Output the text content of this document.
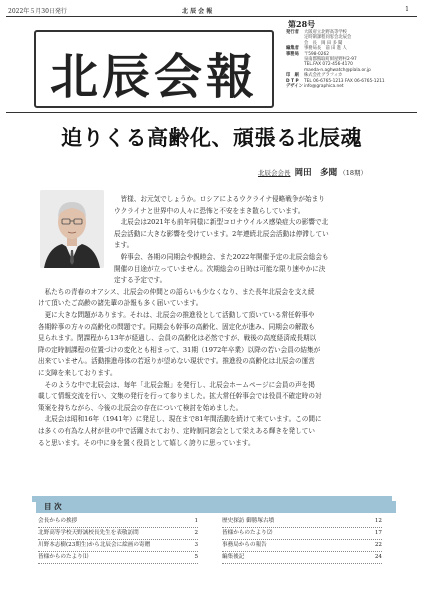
2022年５月30日発行	北 辰 会 報	1
北辰会報
第28号
発行者 大阪府立北野高等学校
定時制課程同窓会北辰会
会　長　岡 田 多 聞
編集者 事務局長　前 田 進 人
事務局 〒598-0262
泉南郡熊取町紺屋野村2-97
TEL.FAX 072-456-4170
maeda-n.aghwatch@plala.or.jp
印　刷 株式会社グラフィカ
D T P TEL 06-6765-1213 FAX 06-6765-1211
デザインinfo@graphica.net
迫りくる高齢化、頑張る北辰魂
北辰会会長 岡田　多聞 （18期）
皆様、お元気でしょうか。ロシアによるウクライナ侵略戦争が始まり
ウクライナと世界中の人々に恐怖と不安をまき散らしています。
北辰会は2021年も前年同様に新型コロナウイルス感染症大の影響で北
辰会活動に大きな影響を受けています。2年連続北辰会活動は停滞してい
ます。
幹事会、各期の同期会や親睦会、また2022年開催予定の北辰会総会も
開催の目途が立っていません。次期総会の日時は可能な限り速やかに決
定する予定です。
私たちの青春のオアシス、北辰会の仲間との語らいも少なくなり、また長年北辰会を支え続
けて頂いたご高齢の諸先輩の訃報も多く届いています。
更に大きな問題があります。それは、北辰会の推進役として活動して頂いている常任幹事や
各期幹事の方々の高齢化の問題です。同期会も幹事の高齢化、固定化が進み、同期会の解散も
見られます。閉課程から13年が経過し、会員の高齢化は必然ですが、戦後の高度経済成長期以
降の定時制課程の位置づけの変化とも相まって、31期（1972年卒業）以降の若い会員の結集が
出来ていません。活動推進母体の若返りが望めない現状です。推進役の高齢化は北辰会の運営
に支障を来しております。
そのような中で北辰会は、毎年「北辰会報」を発行し、北辰会ホームページに会員の声を掲
載して情報交流を行い、文集の発行を行って参りました。拡大常任幹事会では役員不確定時の対
策案を持ちながら、今後の北辰会の存在について検討を始めました。
北辰会は昭和16年（1941年）に発足し、現在まで81年間活動を続けて来ています。この間に
は多くの有為な人材が世の中で活躍されており、定時制同窓会として栄えある輝きを発してい
ると思います。その中に身を置く役員として嬉しく誇りに思っています。
目 次
会長からの挨拶	1
北野高等学校天野誠校長先生を表敬訪問	2
川野本志樹(23期生)から北辰会に絵画の寄贈	3
皆様からのたより⑴	5
歴史探訪 御勝塚古墳	12
皆様からのたより⑵	17
事務局からの報告	22
編集後記	24
